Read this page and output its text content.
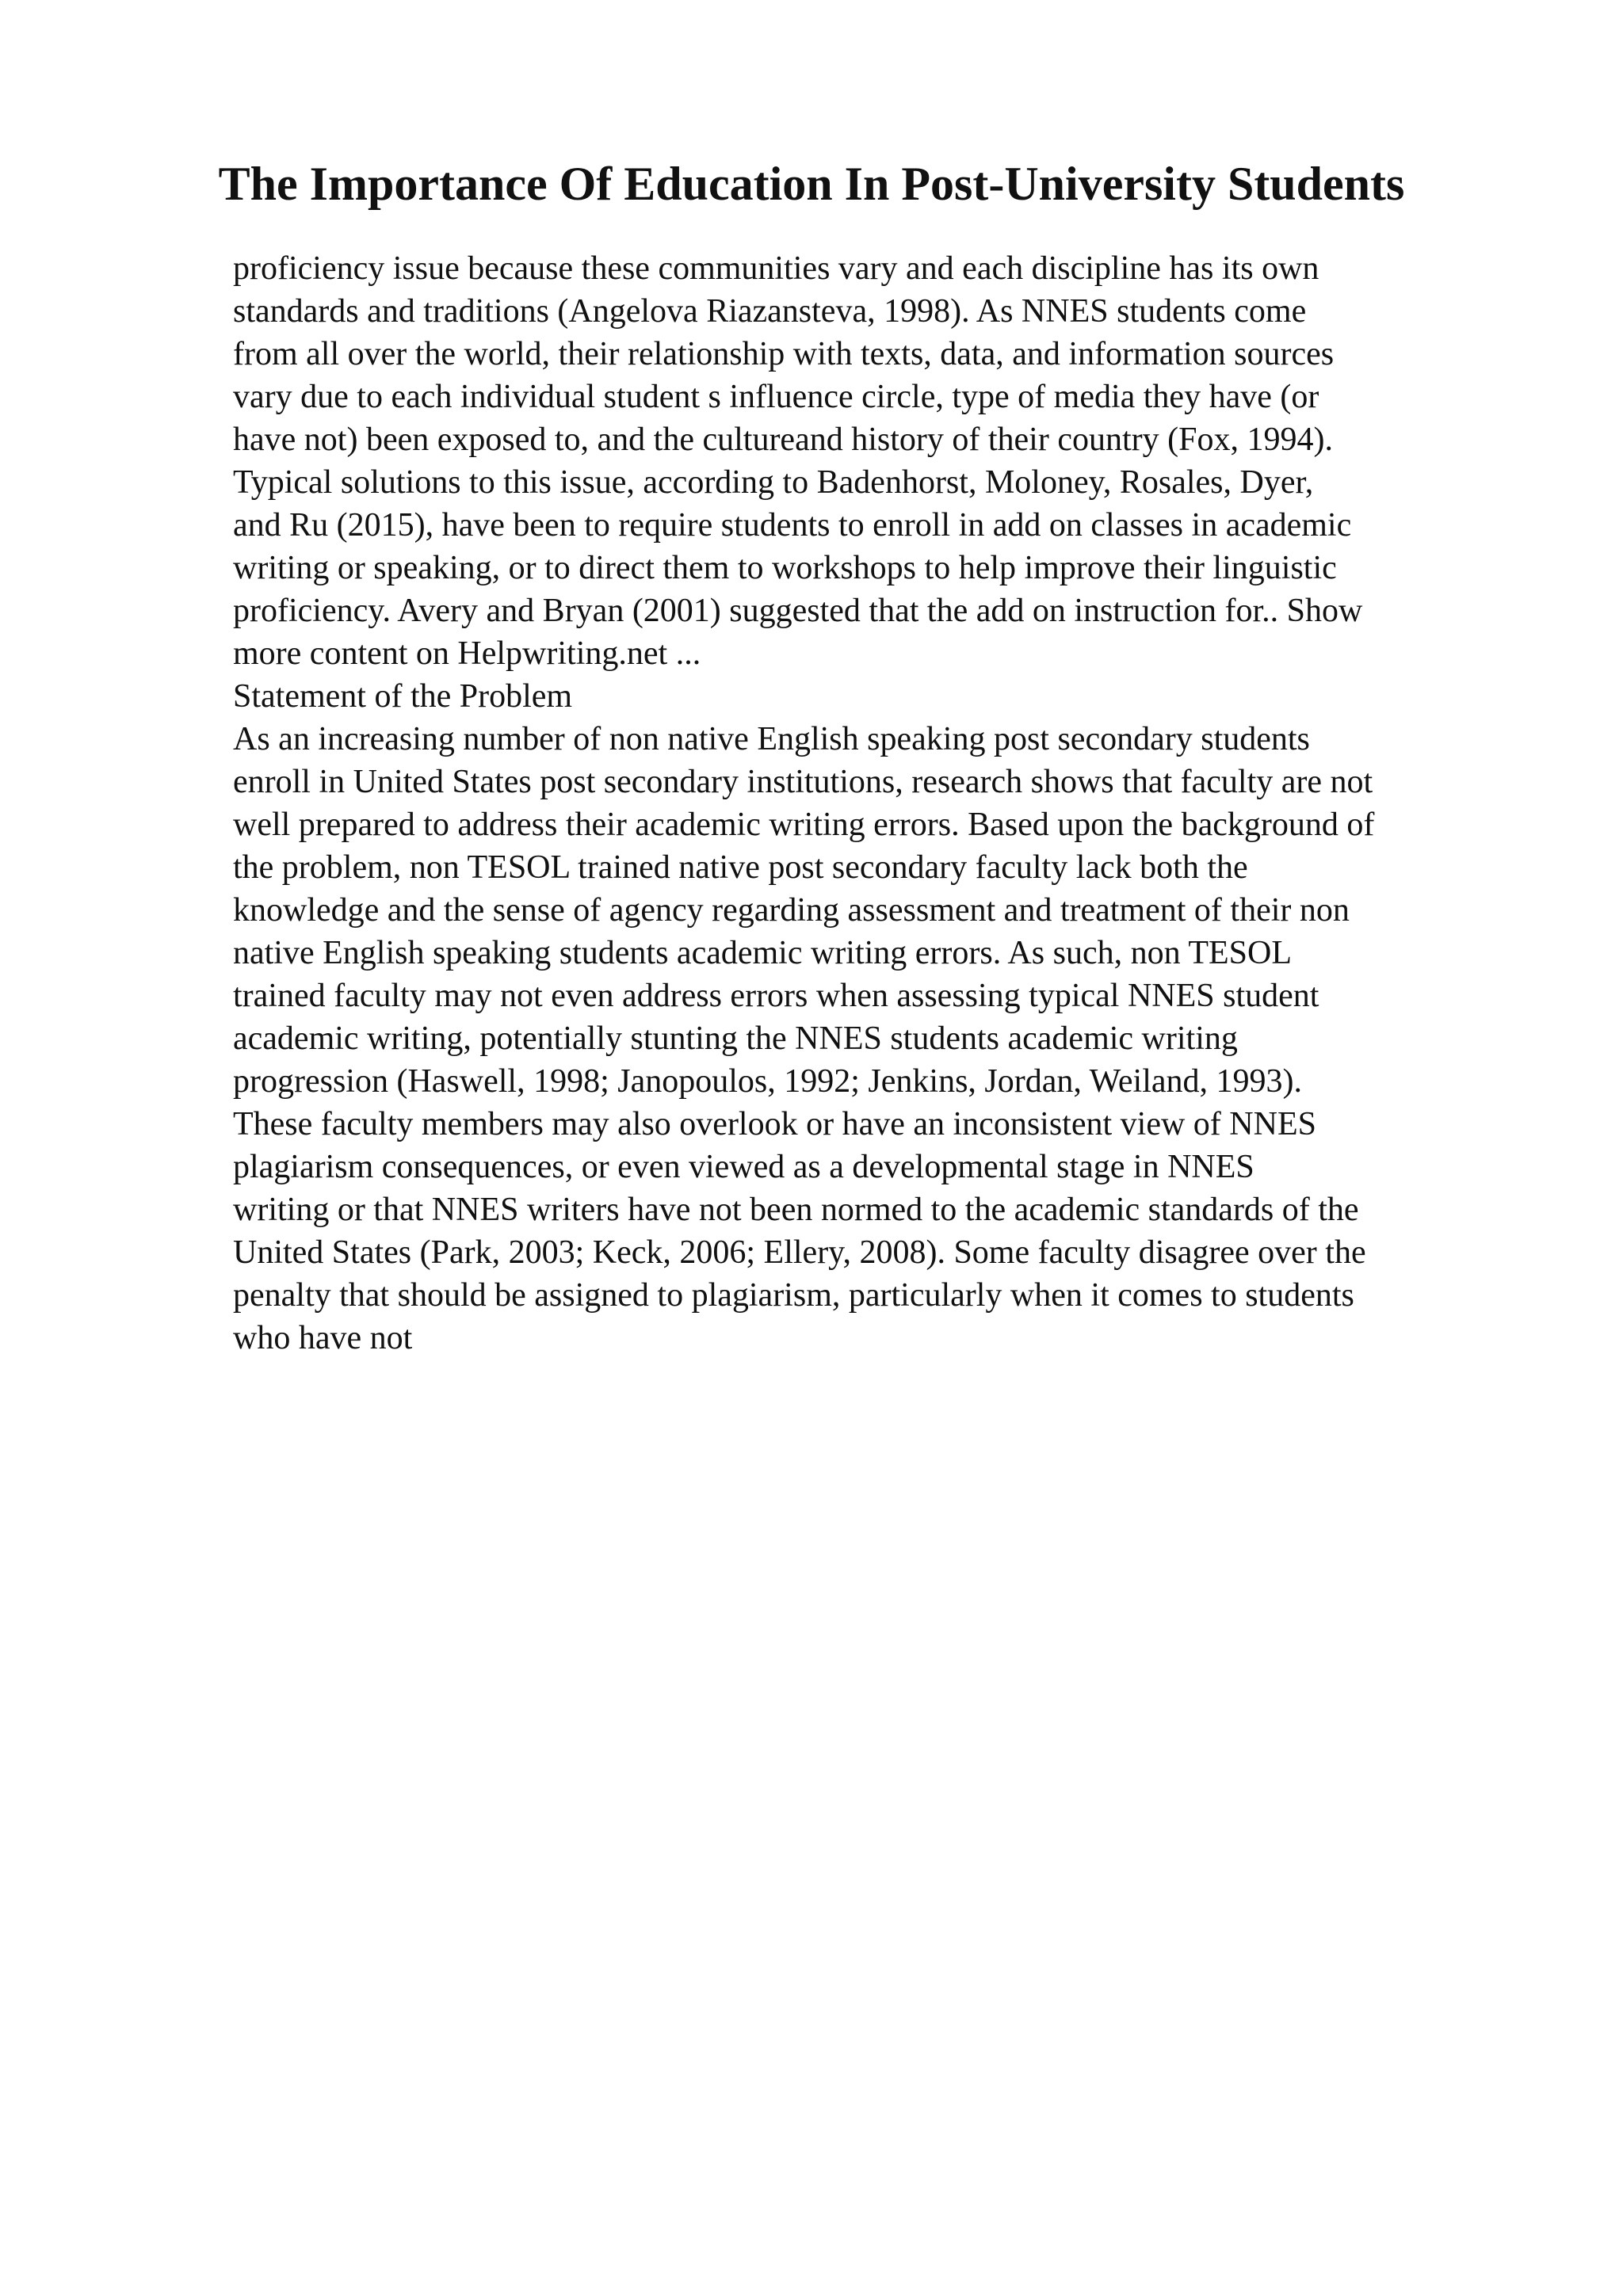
The Importance Of Education In Post-University Students

proficiency issue because these communities vary and each discipline has its own

standards and traditions (Angelova Riazansteva, 1998). As NNES students come

from all over the world, their relationship with texts, data, and information sources

vary due to each individual student s influence circle, type of media they have (or

have not) been exposed to, and the cultureand history of their country (Fox, 1994).

Typical solutions to this issue, according to Badenhorst, Moloney, Rosales, Dyer,

and Ru (2015), have been to require students to enroll in add on classes in academic

writing or speaking, or to direct them to workshops to help improve their linguistic

proficiency. Avery and Bryan (2001) suggested that the add on instruction for.. Show

more content on Helpwriting.net ...

Statement of the Problem

As an increasing number of non native English speaking post secondary students

enroll in United States post secondary institutions, research shows that faculty are not

well prepared to address their academic writing errors. Based upon the background of

the problem, non TESOL trained native post secondary faculty lack both the

knowledge and the sense of agency regarding assessment and treatment of their non

native English speaking students academic writing errors. As such, non TESOL

trained faculty may not even address errors when assessing typical NNES student

academic writing, potentially stunting the NNES students academic writing

progression (Haswell, 1998; Janopoulos, 1992; Jenkins, Jordan, Weiland, 1993).

These faculty members may also overlook or have an inconsistent view of NNES

plagiarism consequences, or even viewed as a developmental stage in NNES

writing or that NNES writers have not been normed to the academic standards of the

United States (Park, 2003; Keck, 2006; Ellery, 2008). Some faculty disagree over the

penalty that should be assigned to plagiarism, particularly when it comes to students

who have not
